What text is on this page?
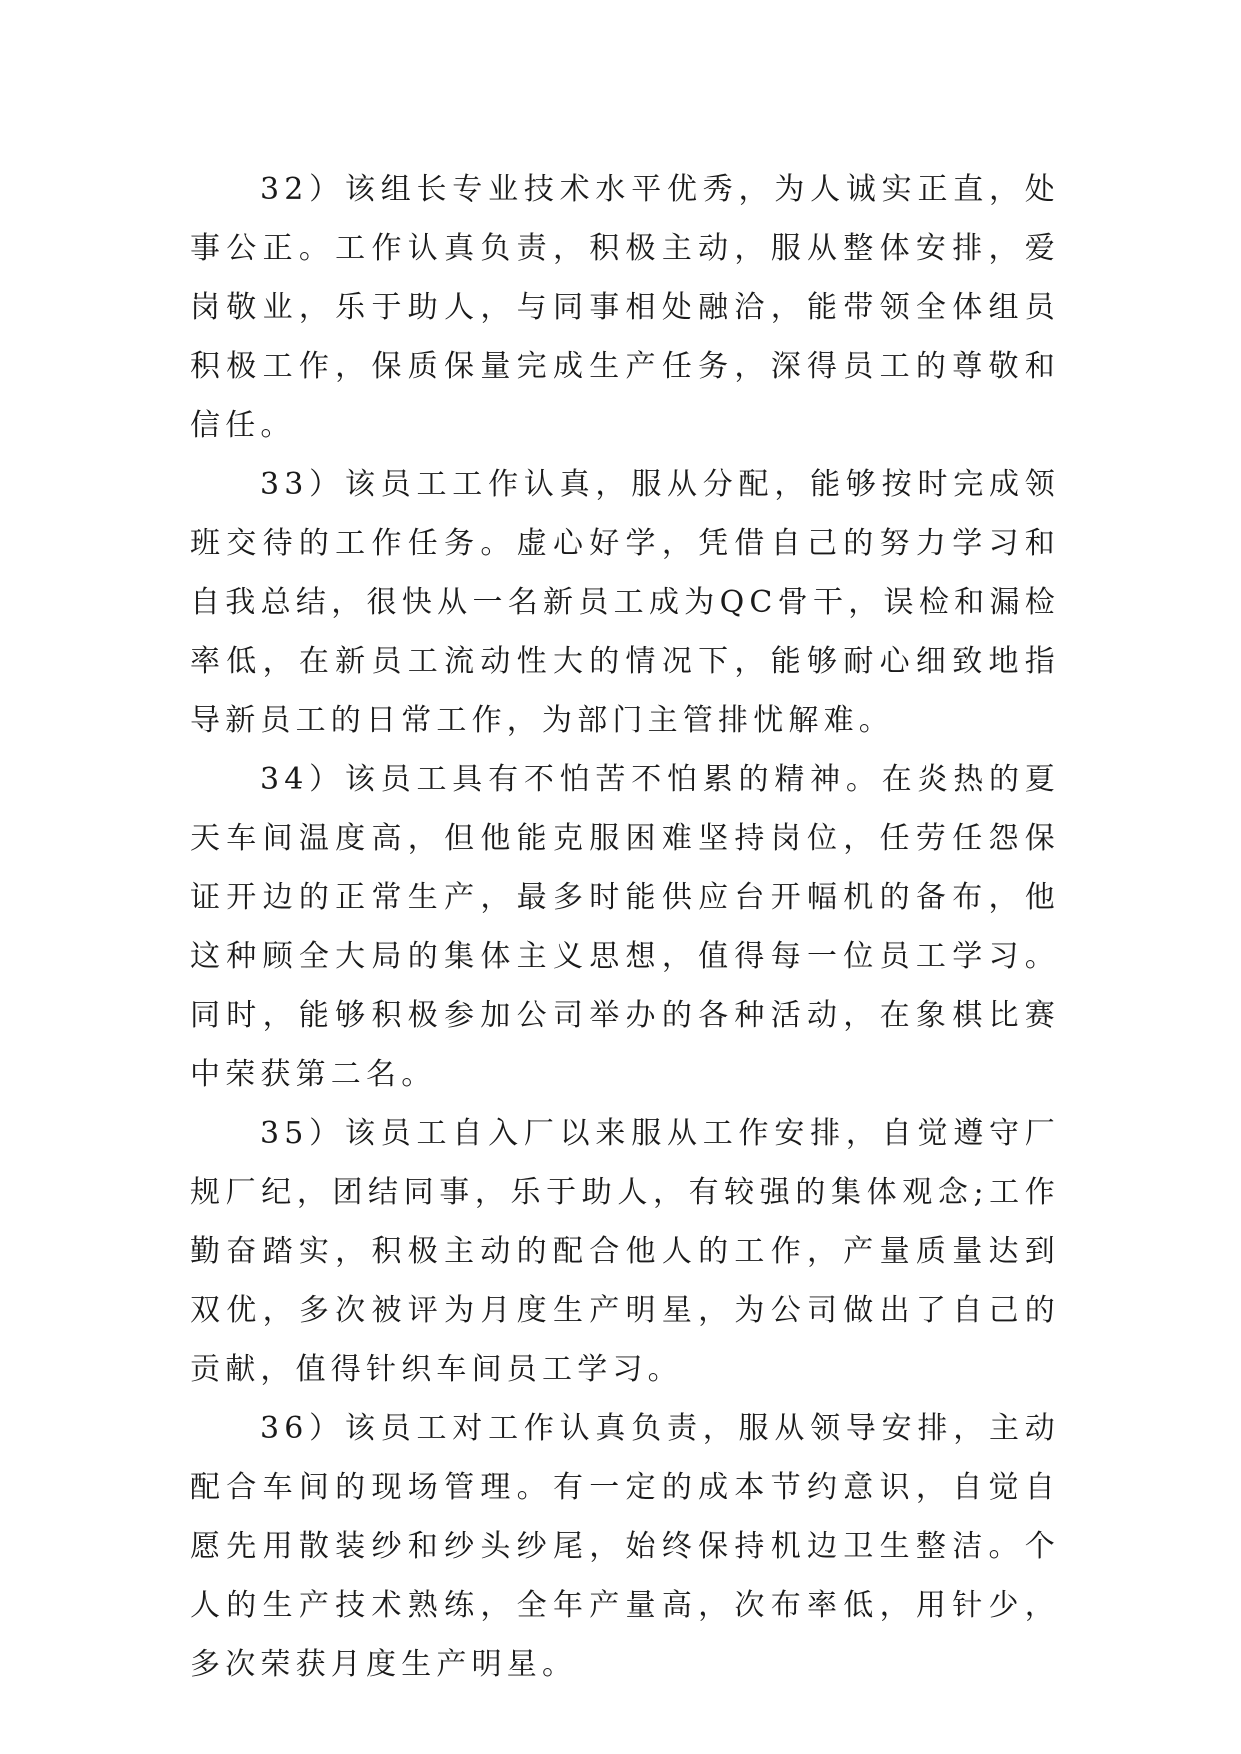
32）该组长专业技术水平优秀，为人诚实正直，处事公正。工作认真负责，积极主动，服从整体安排，爱岗敬业，乐于助人，与同事相处融洽，能带领全体组员积极工作，保质保量完成生产任务，深得员工的尊敬和信任。

33）该员工工作认真，服从分配，能够按时完成领班交待的工作任务。虚心好学，凭借自己的努力学习和自我总结，很快从一名新员工成为QC骨干，误检和漏检率低，在新员工流动性大的情况下，能够耐心细致地指导新员工的日常工作，为部门主管排忧解难。

34）该员工具有不怕苦不怕累的精神。在炎热的夏天车间温度高，但他能克服困难坚持岗位，任劳任怨保证开边的正常生产，最多时能供应台开幅机的备布，他这种顾全大局的集体主义思想，值得每一位员工学习。同时，能够积极参加公司举办的各种活动，在象棋比赛中荣获第二名。

35）该员工自入厂以来服从工作安排，自觉遵守厂规厂纪，团结同事，乐于助人，有较强的集体观念;工作勤奋踏实，积极主动的配合他人的工作，产量质量达到双优，多次被评为月度生产明星，为公司做出了自己的贡献，值得针织车间员工学习。

36）该员工对工作认真负责，服从领导安排，主动配合车间的现场管理。有一定的成本节约意识，自觉自愿先用散装纱和纱头纱尾，始终保持机边卫生整洁。个人的生产技术熟练，全年产量高，次布率低，用针少，多次荣获月度生产明星。
